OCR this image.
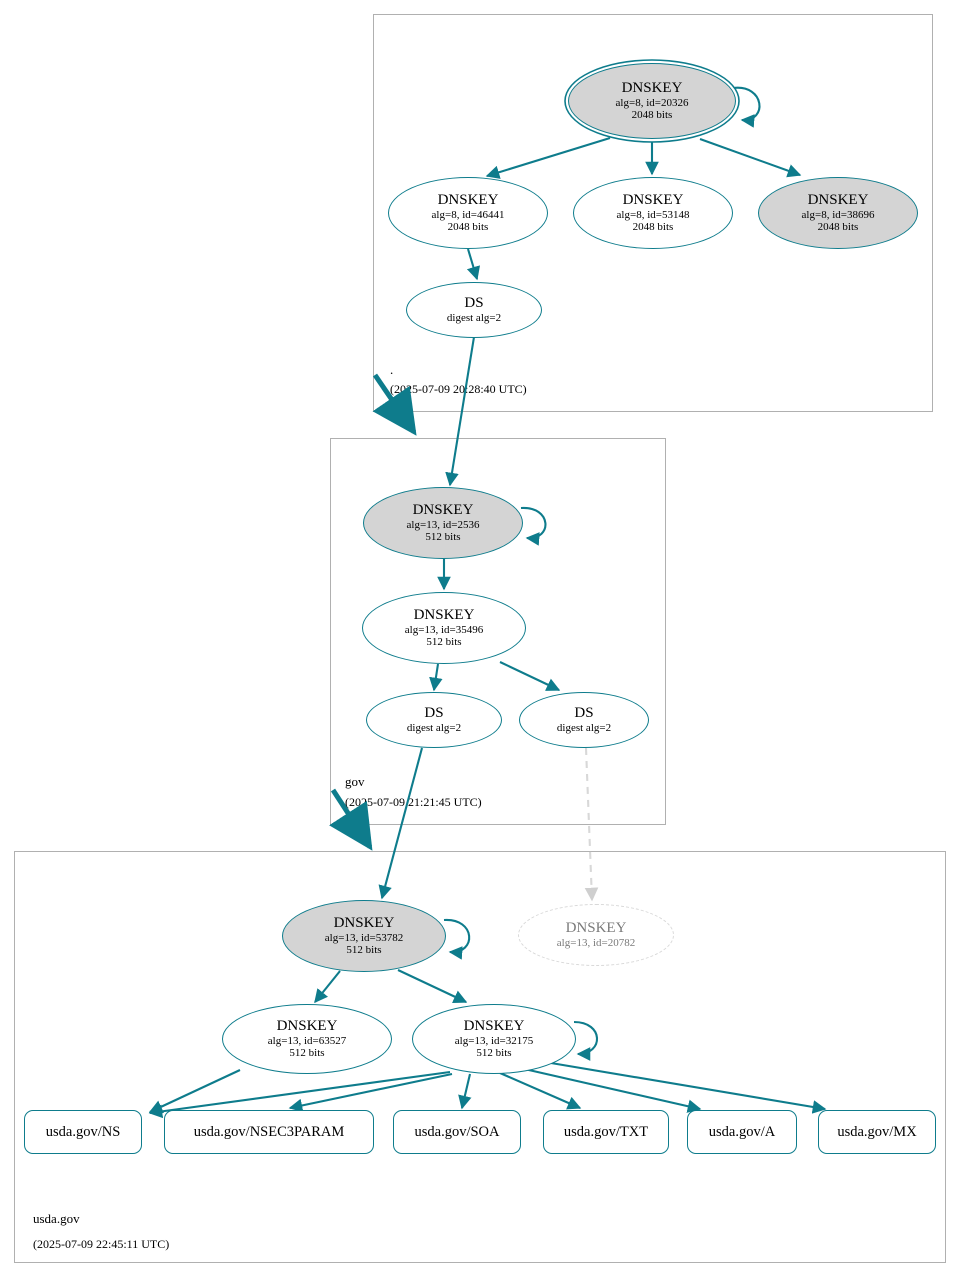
.
(2025-07-09 20:28:40 UTC)
gov
(2025-07-09 21:21:45 UTC)
usda.gov
(2025-07-09 22:45:11 UTC)
DNSKEY
alg=8, id=20326
2048 bits
DNSKEY
alg=8, id=46441
2048 bits
DNSKEY
alg=8, id=53148
2048 bits
DNSKEY
alg=8, id=38696
2048 bits
DS
digest alg=2
DNSKEY
alg=13, id=2536
512 bits
DNSKEY
alg=13, id=35496
512 bits
DS
digest alg=2
DS
digest alg=2
DNSKEY
alg=13, id=53782
512 bits
DNSKEY
alg=13, id=20782
DNSKEY
alg=13, id=63527
512 bits
DNSKEY
alg=13, id=32175
512 bits
usda.gov/NS	usda.gov/NSEC3PARAM	usda.gov/SOA	usda.gov/TXT	usda.gov/A	usda.gov/MX
